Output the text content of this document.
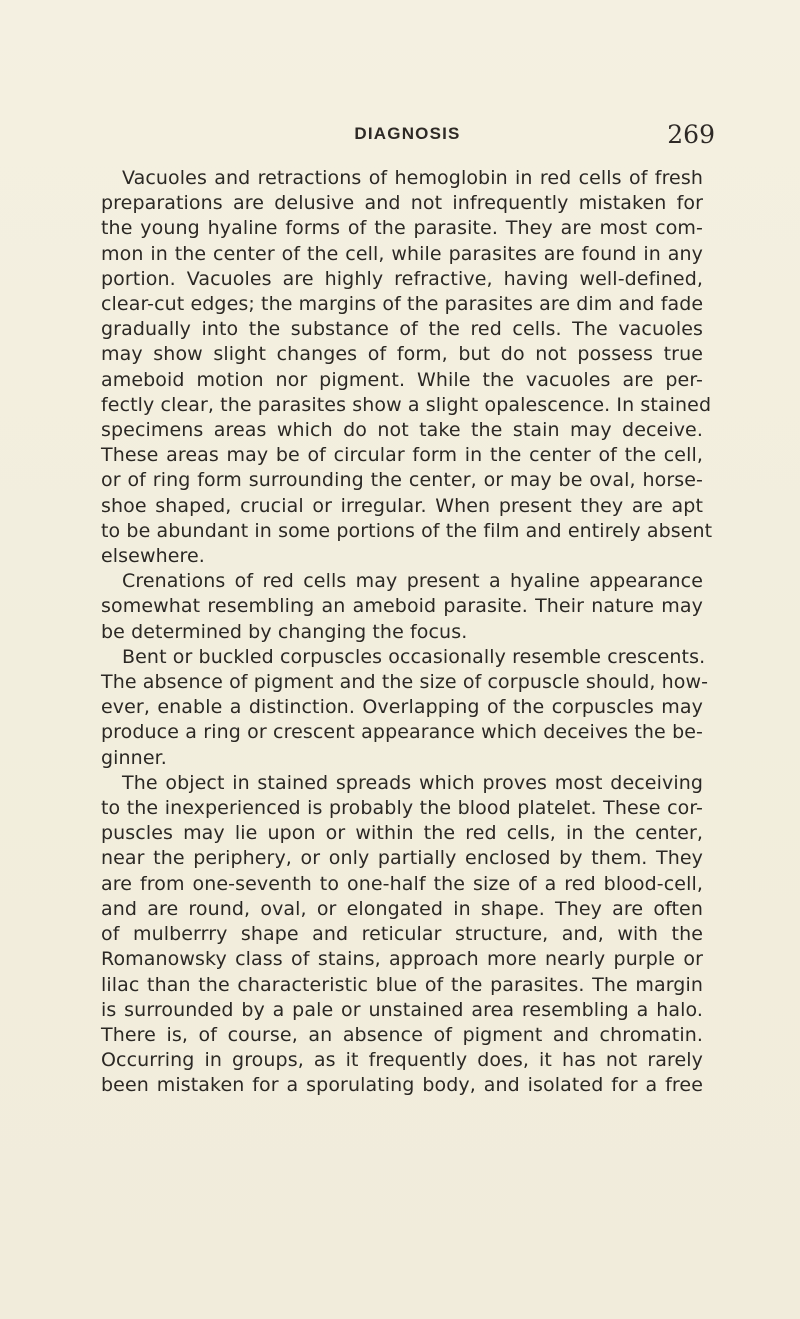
DIAGNOSIS	269
Vacuoles and retractions of hemoglobin in red cells of fresh
preparations are delusive and not infrequently mistaken for
the young hyaline forms of the parasite. They are most com-
mon in the center of the cell, while parasites are found in any
portion. Vacuoles are highly refractive, having well-defined,
clear-cut edges; the margins of the parasites are dim and fade
gradually into the substance of the red cells. The vacuoles
may show slight changes of form, but do not possess true
ameboid motion nor pigment. While the vacuoles are per-
fectly clear, the parasites show a slight opalescence. In stained
specimens areas which do not take the stain may deceive.
These areas may be of circular form in the center of the cell,
or of ring form surrounding the center, or may be oval, horse-
shoe shaped, crucial or irregular. When present they are apt
to be abundant in some portions of the film and entirely absent
elsewhere.
Crenations of red cells may present a hyaline appearance
somewhat resembling an ameboid parasite. Their nature may
be determined by changing the focus.
Bent or buckled corpuscles occasionally resemble crescents.
The absence of pigment and the size of corpuscle should, how-
ever, enable a distinction. Overlapping of the corpuscles may
produce a ring or crescent appearance which deceives the be-
ginner.
The object in stained spreads which proves most deceiving
to the inexperienced is probably the blood platelet. These cor-
puscles may lie upon or within the red cells, in the center,
near the periphery, or only partially enclosed by them. They
are from one-seventh to one-half the size of a red blood-cell,
and are round, oval, or elongated in shape. They are often
of mulberrry shape and reticular structure, and, with the
Romanowsky class of stains, approach more nearly purple or
lilac than the characteristic blue of the parasites. The margin
is surrounded by a pale or unstained area resembling a halo.
There is, of course, an absence of pigment and chromatin.
Occurring in groups, as it frequently does, it has not rarely
been mistaken for a sporulating body, and isolated for a free
